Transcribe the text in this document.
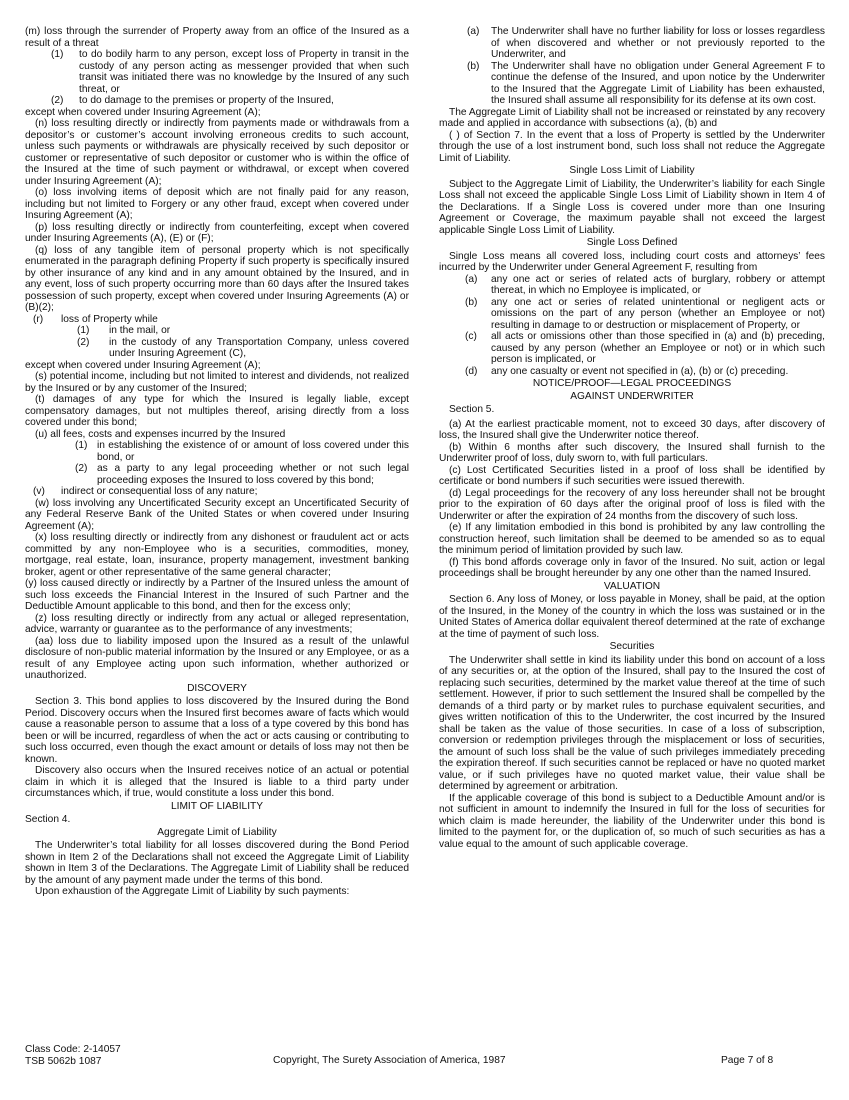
(m) loss through the surrender of Property away from an office of the Insured as a result of a threat

(1) to do bodily harm to any person, except loss of Property in transit in the custody of any person acting as messenger provided that when such transit was initiated there was no knowledge by the Insured of any such threat, or
(2) to do damage to the premises or property of the Insured,

except when covered under Insuring Agreement (A);

(n) loss resulting directly or indirectly from payments made or withdrawals from a depositor’s or customer’s account involving erroneous credits to such account, unless such payments or withdrawals are physically received by such depositor or customer or representative of such depositor or customer who is within the office of the Insured at the time of such payment or withdrawal, or except when covered under Insuring Agreement (A);

(o) loss involving items of deposit which are not finally paid for any reason, including but not limited to Forgery or any other fraud, except when covered under Insuring Agreement (A);

(p) loss resulting directly or indirectly from counterfeiting, except when covered under Insuring Agreements (A), (E) or (F);

(q) loss of any tangible item of personal property which is not specifically enumerated in the paragraph defining Property if such property is specifically insured by other insurance of any kind and in any amount obtained by the Insured, and in any event, loss of such property occurring more than 60 days after the Insured takes possession of such property, except when covered under Insuring Agreements (A) or (B)(2);

(r) loss of Property while
(1) in the mail, or
(2) in the custody of any Transportation Company, unless covered under Insuring Agreement (C),

except when covered under Insuring Agreement (A);

(s) potential income, including but not limited to interest and dividends, not realized by the Insured or by any customer of the Insured;

(t) damages of any type for which the Insured is legally liable, except compensatory damages, but not multiples thereof, arising directly from a loss covered under this bond;

(u) all fees, costs and expenses incurred by the Insured

(1) in establishing the existence of or amount of loss covered under this bond, or
(2) as a party to any legal proceeding whether or not such legal proceeding exposes the Insured to loss covered by this bond;
(v) indirect or consequential loss of any nature;

(w) loss involving any Uncertificated Security except an Uncertificated Security of any Federal Reserve Bank of the United States or when covered under Insuring Agreement (A);

(x) loss resulting directly or indirectly from any dishonest or fraudulent act or acts committed by any non-Employee who is a securities, commodities, money, mortgage, real estate, loan, insurance, property management, investment banking broker, agent or other representative of the same general character;

(y) loss caused directly or indirectly by a Partner of the Insured unless the amount of such loss exceeds the Financial Interest in the Insured of such Partner and the Deductible Amount applicable to this bond, and then for the excess only;

(z) loss resulting directly or indirectly from any actual or alleged representation, advice, warranty or guarantee as to the performance of any investments;

(aa) loss due to liability imposed upon the Insured as a result of the unlawful disclosure of non-public material information by the Insured or any Employee, or as a result of any Employee acting upon such information, whether authorized or unauthorized.

DISCOVERY

Section 3. This bond applies to loss discovered by the Insured during the Bond Period. Discovery occurs when the Insured first becomes aware of facts which would cause a reasonable person to assume that a loss of a type covered by this bond has been or will be incurred, regardless of when the act or acts causing or contributing to such loss occurred, even though the exact amount or details of loss may not then be known.

Discovery also occurs when the Insured receives notice of an actual or potential claim in which it is alleged that the Insured is liable to a third party under circumstances which, if true, would constitute a loss under this bond.

LIMIT OF LIABILITY

Section 4.

Aggregate Limit of Liability

The Underwriter’s total liability for all losses discovered during the Bond Period shown in Item 2 of the Declarations shall not exceed the Aggregate Limit of Liability shown in Item 3 of the Declarations. The Aggregate Limit of Liability shall be reduced by the amount of any payment made under the terms of this bond.

Upon exhaustion of the Aggregate Limit of Liability by such payments:

(a) The Underwriter shall have no further liability for loss or losses regardless of when discovered and whether or not previously reported to the Underwriter, and
(b) The Underwriter shall have no obligation under General Agreement F to continue the defense of the Insured, and upon notice by the Underwriter to the Insured that the Aggregate Limit of Liability has been exhausted, the Insured shall assume all responsibility for its defense at its own cost.

The Aggregate Limit of Liability shall not be increased or reinstated by any recovery made and applied in accordance with subsections (a), (b) and

( ) of Section 7. In the event that a loss of Property is settled by the Underwriter through the use of a lost instrument bond, such loss shall not reduce the Aggregate Limit of Liability.

Single Loss Limit of Liability

Subject to the Aggregate Limit of Liability, the Underwriter’s liability for each Single Loss shall not exceed the applicable Single Loss Limit of Liability shown in Item 4 of the Declarations. If a Single Loss is covered under more than one Insuring Agreement or Coverage, the maximum payable shall not exceed the largest applicable Single Loss Limit of Liability.

Single Loss Defined

Single Loss means all covered loss, including court costs and attorneys’ fees incurred by the Underwriter under General Agreement F, resulting from

(a) any one act or series of related acts of burglary, robbery or attempt thereat, in which no Employee is implicated, or
(b) any one act or series of related unintentional or negligent acts or omissions on the part of any person (whether an Employee or not) resulting in damage to or destruction or misplacement of Property, or
(c) all acts or omissions other than those specified in (a) and (b) preceding, caused by any person (whether an Employee or not) or in which such person is implicated, or
(d) any one casualty or event not specified in (a), (b) or (c) preceding.

NOTICE/PROOF—LEGAL PROCEEDINGS

AGAINST UNDERWRITER

Section 5.

(a) At the earliest practicable moment, not to exceed 30 days, after discovery of loss, the Insured shall give the Underwriter notice thereof.

(b) Within 6 months after such discovery, the Insured shall furnish to the Underwriter proof of loss, duly sworn to, with full particulars.

(c) Lost Certificated Securities listed in a proof of loss shall be identified by certificate or bond numbers if such securities were issued therewith.

(d) Legal proceedings for the recovery of any loss hereunder shall not be brought prior to the expiration of 60 days after the original proof of loss is filed with the Underwriter or after the expiration of 24 months from the discovery of such loss.

(e) If any limitation embodied in this bond is prohibited by any law controlling the construction hereof, such limitation shall be deemed to be amended so as to equal the minimum period of limitation provided by such law.

(f) This bond affords coverage only in favor of the Insured. No suit, action or legal proceedings shall be brought hereunder by any one other than the named Insured.

VALUATION

Section 6. Any loss of Money, or loss payable in Money, shall be paid, at the option of the Insured, in the Money of the country in which the loss was sustained or in the United States of America dollar equivalent thereof determined at the rate of exchange at the time of payment of such loss.

Securities

The Underwriter shall settle in kind its liability under this bond on account of a loss of any securities or, at the option of the Insured, shall pay to the Insured the cost of replacing such securities, determined by the market value thereof at the time of such settlement. However, if prior to such settlement the Insured shall be compelled by the demands of a third party or by market rules to purchase equivalent securities, and gives written notification of this to the Underwriter, the cost incurred by the Insured shall be taken as the value of those securities. In case of a loss of subscription, conversion or redemption privileges through the misplacement or loss of securities, the amount of such loss shall be the value of such privileges immediately preceding the expiration thereof. If such securities cannot be replaced or have no quoted market value, or if such privileges have no quoted market value, their value shall be determined by agreement or arbitration.

If the applicable coverage of this bond is subject to a Deductible Amount and/or is not sufficient in amount to indemnify the Insured in full for the loss of securities for which claim is made hereunder, the liability of the Underwriter under this bond is limited to the payment for, or the duplication of, so much of such securities as has a value equal to the amount of such applicable coverage.

Class Code: 2-14057
TSB 5062b 1087	Copyright, The Surety Association of America, 1987	Page 7 of 8
